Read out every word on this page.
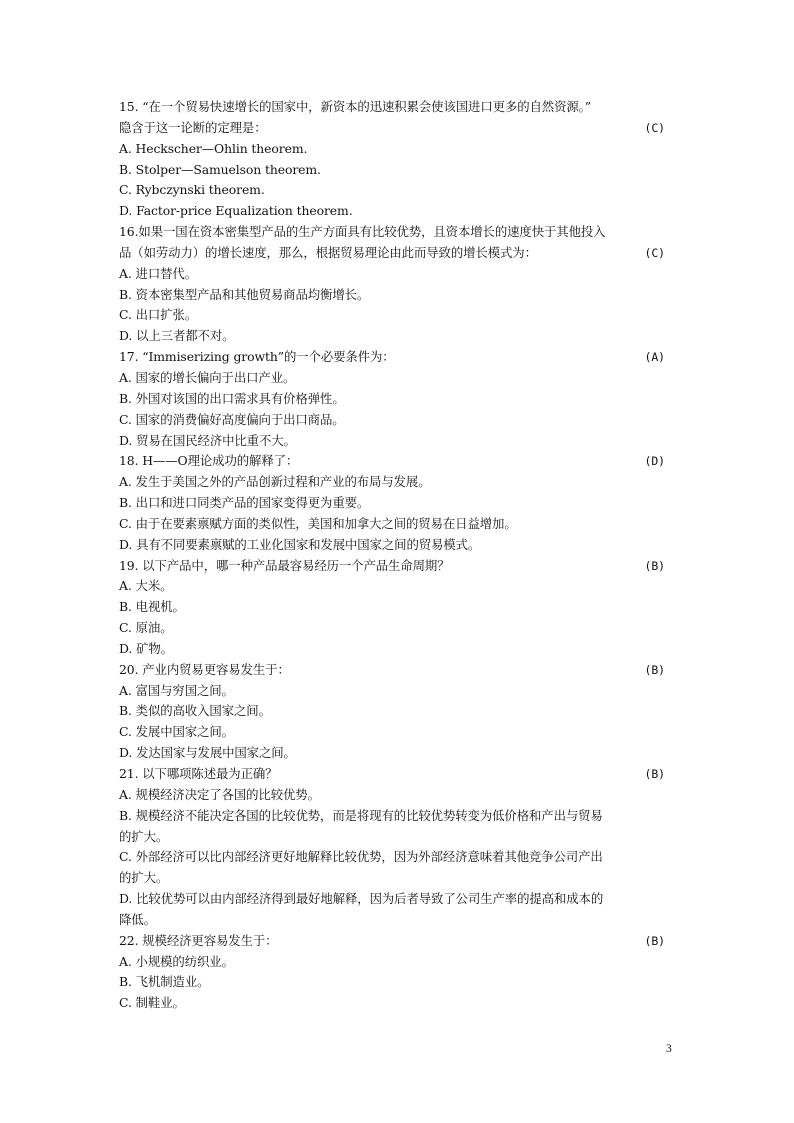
15. “在一个贸易快速增长的国家中，新资本的迅速积累会使该国进口更多的自然资源。”
隐含于这一论断的定理是：	(C)
A. Heckscher—Ohlin theorem.
B. Stolper—Samuelson theorem.
C. Rybczynski theorem.
D. Factor-price Equalization theorem.
16.如果一国在资本密集型产品的生产方面具有比较优势，且资本增长的速度快于其他投入
品（如劳动力）的增长速度，那么，根据贸易理论由此而导致的增长模式为：	(C)
A. 进口替代。
B. 资本密集型产品和其他贸易商品均衡增长。
C. 出口扩张。
D. 以上三者都不对。
17. “Immiserizing growth”的一个必要条件为：	(A)
A. 国家的增长偏向于出口产业。
B. 外国对该国的出口需求具有价格弹性。
C. 国家的消费偏好高度偏向于出口商品。
D. 贸易在国民经济中比重不大。
18. H——O理论成功的解释了：	(D)
A. 发生于美国之外的产品创新过程和产业的布局与发展。
B. 出口和进口同类产品的国家变得更为重要。
C. 由于在要素禀赋方面的类似性，美国和加拿大之间的贸易在日益增加。
D. 具有不同要素禀赋的工业化国家和发展中国家之间的贸易模式。
19. 以下产品中，哪一种产品最容易经历一个产品生命周期？	(B)
A. 大米。
B. 电视机。
C. 原油。
D. 矿物。
20. 产业内贸易更容易发生于：	(B)
A. 富国与穷国之间。
B. 类似的高收入国家之间。
C. 发展中国家之间。
D. 发达国家与发展中国家之间。
21. 以下哪项陈述最为正确？	(B)
A. 规模经济决定了各国的比较优势。
B. 规模经济不能决定各国的比较优势，而是将现有的比较优势转变为低价格和产出与贸易
的扩大。
C. 外部经济可以比内部经济更好地解释比较优势，因为外部经济意味着其他竞争公司产出
的扩大。
D. 比较优势可以由内部经济得到最好地解释，因为后者导致了公司生产率的提高和成本的
降低。
22. 规模经济更容易发生于：	(B)
A. 小规模的纺织业。
B. 飞机制造业。
C. 制鞋业。
3
